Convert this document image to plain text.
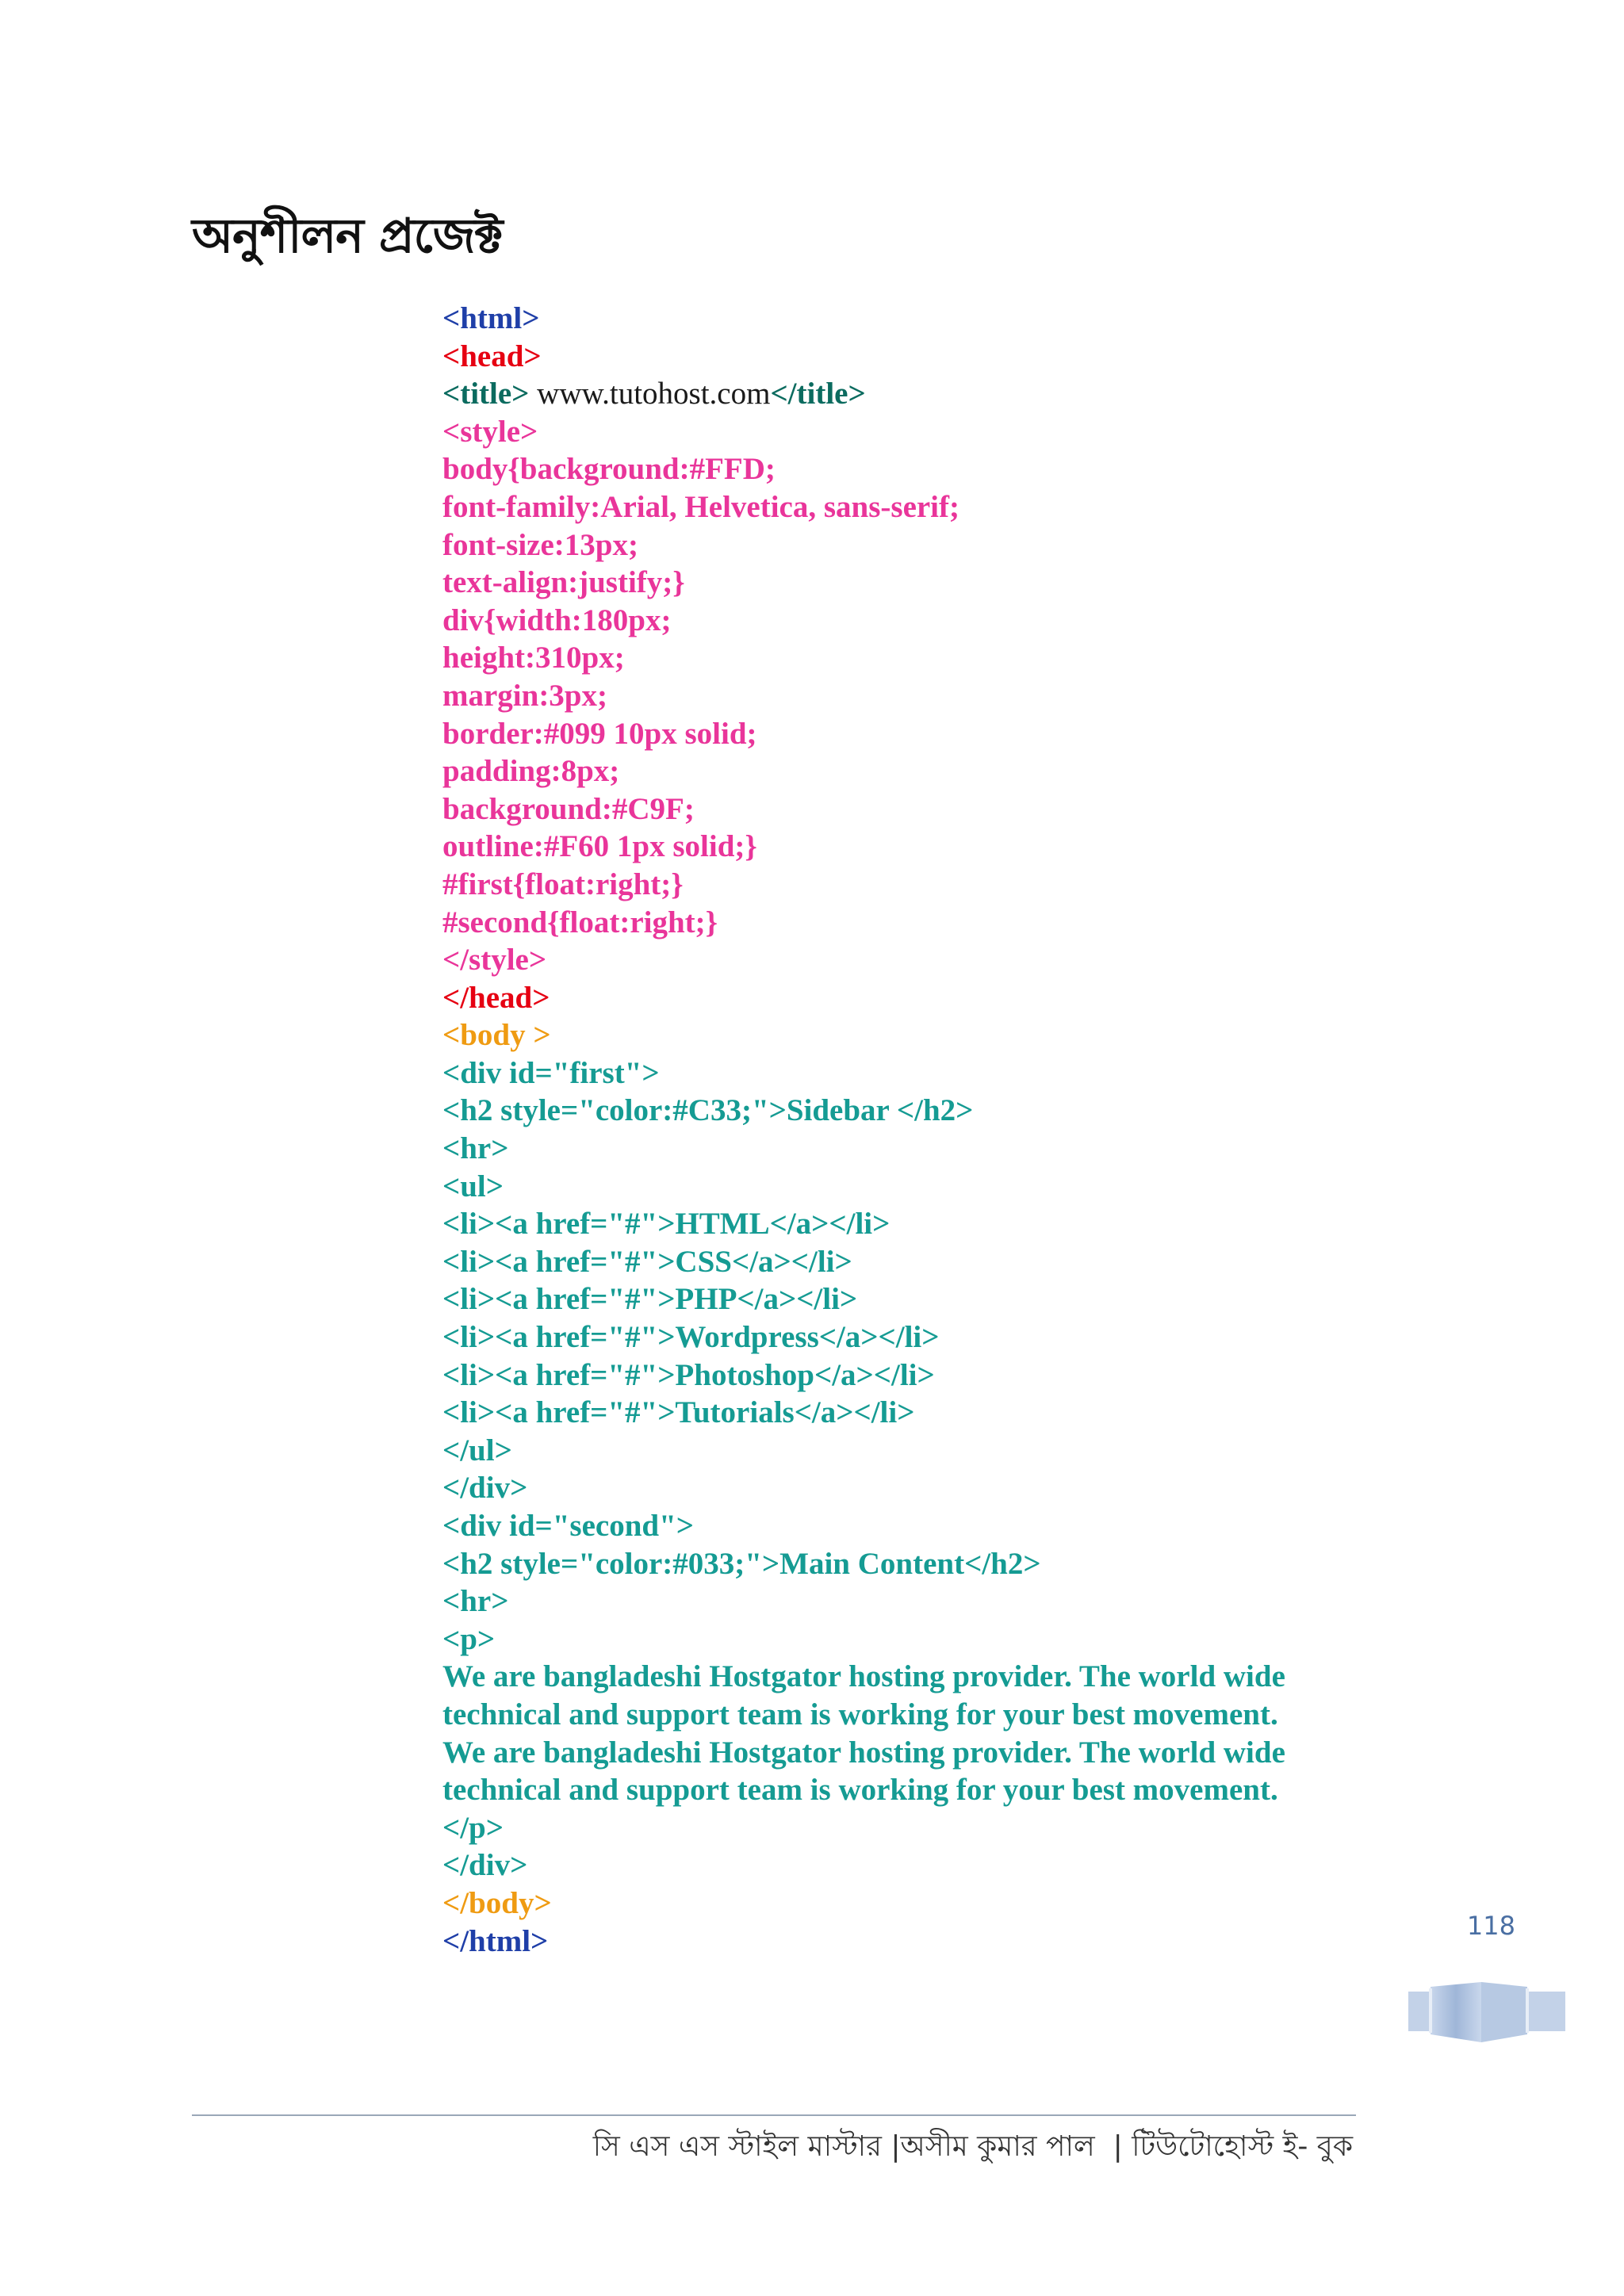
অনুশীলন প্রজেক্ট
<html>
<head>
<title> www.tutohost.com</title>
<style>
body{background:#FFD;
font-family:Arial, Helvetica, sans-serif;
font-size:13px;
text-align:justify;}
div{width:180px;
height:310px;
margin:3px;
border:#099 10px solid;
padding:8px;
background:#C9F;
outline:#F60 1px solid;}
#first{float:right;}
#second{float:right;}
</style>
</head>
<body >
<div id="first">
<h2 style="color:#C33;">Sidebar </h2>
<hr>
<ul>
<li><a href="#">HTML</a></li>
<li><a href="#">CSS</a></li>
<li><a href="#">PHP</a></li>
<li><a href="#">Wordpress</a></li>
<li><a href="#">Photoshop</a></li>
<li><a href="#">Tutorials</a></li>
</ul>
</div>
<div id="second">
<h2 style="color:#033;">Main Content</h2>
<hr>
<p>
We are bangladeshi Hostgator hosting provider. The world wide
technical and support team is working for your best movement.
We are bangladeshi Hostgator hosting provider. The world wide
technical and support team is working for your best movement.
</p>
</div>
</body>
</html>	118
সি এস এস স্টাইল মাস্টার |অসীম কুমার পাল  | টিউটোহোস্ট ই- বুক
